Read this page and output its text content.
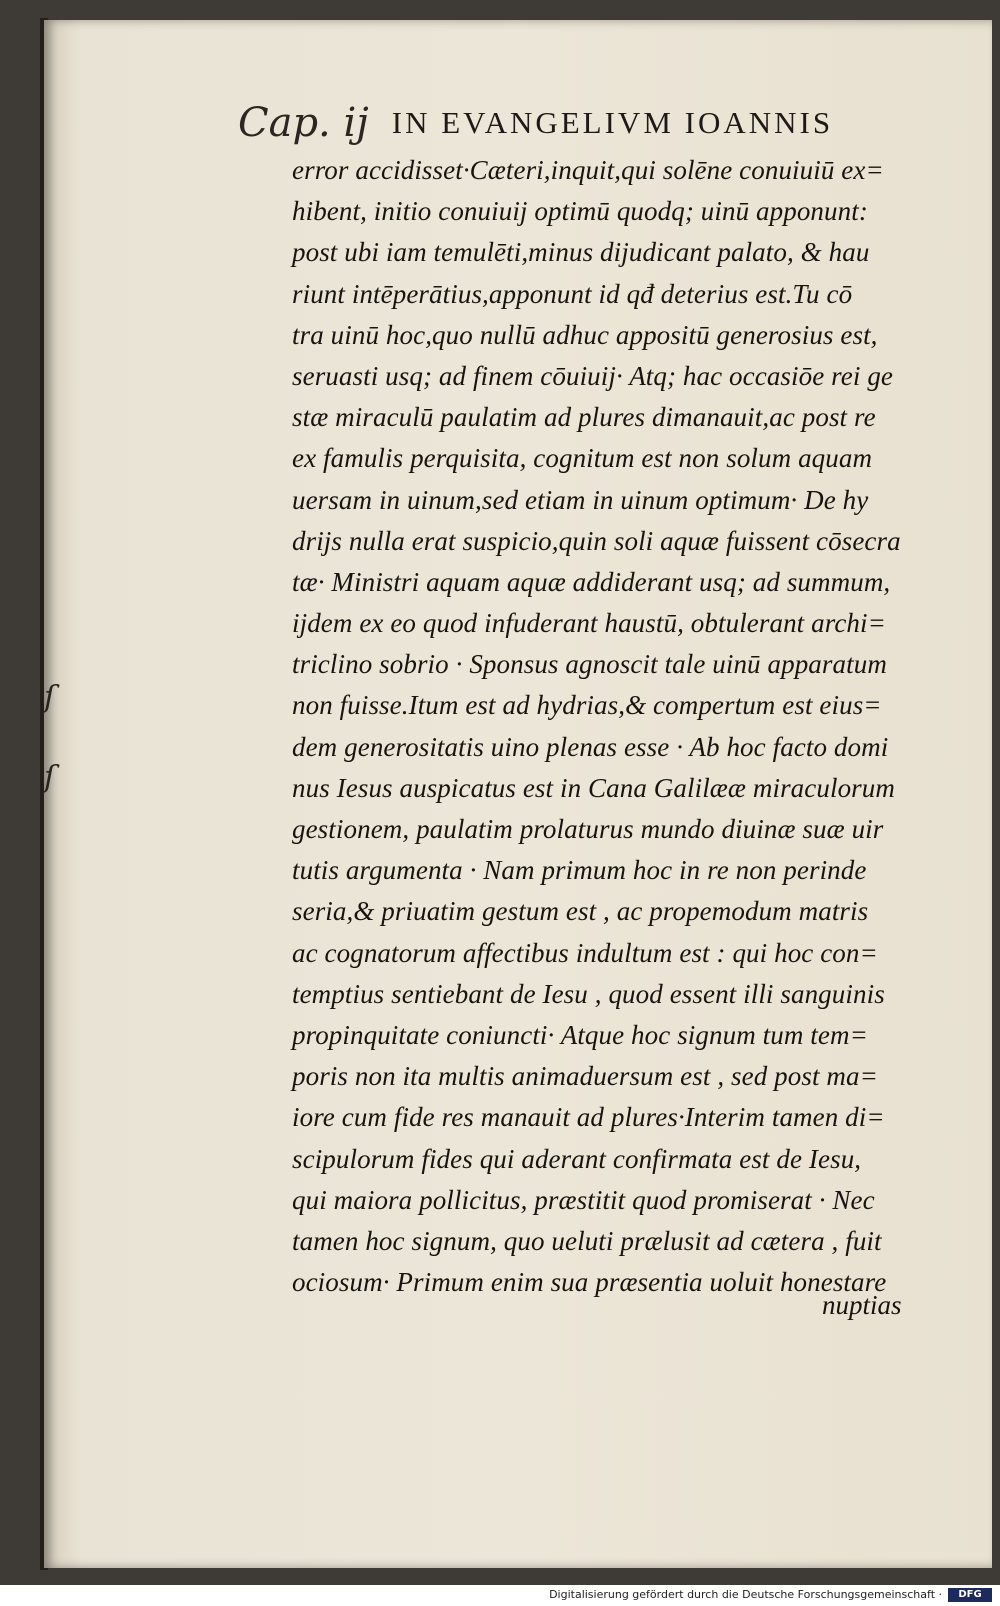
ſ
ſ
Cap. ij IN EVANGELIVM IOANNIS
error accidisset·Cæteri,inquit,qui solēne conuiuiū ex=
hibent, initio conuiuij optimū quodq; uinū apponunt:
post ubi iam temulēti,minus dijudicant palato, & hau
riunt intēperātius,apponunt id qđ deterius est.Tu cō
tra uinū hoc,quo nullū adhuc appositū generosius est,
seruasti usq; ad finem cōuiuij· Atq; hac occasiōe rei ge
stæ miraculū paulatim ad plures dimanauit,ac post re
ex famulis perquisita, cognitum est non solum aquam
uersam in uinum,sed etiam in uinum optimum· De hy
drijs nulla erat suspicio,quin soli aquæ fuissent cōsecra
tæ· Ministri aquam aquæ addiderant usq; ad summum,
ijdem ex eo quod infuderant haustū, obtulerant archi=
triclino sobrio · Sponsus agnoscit tale uinū apparatum
non fuisse.Itum est ad hydrias,& compertum est eius=
dem generositatis uino plenas esse · Ab hoc facto domi
nus Iesus auspicatus est in Cana Galilææ miraculorum
gestionem, paulatim prolaturus mundo diuinæ suæ uir
tutis argumenta · Nam primum hoc in re non perinde
seria,& priuatim gestum est , ac propemodum matris
ac cognatorum affectibus indultum est : qui hoc con=
temptius sentiebant de Iesu , quod essent illi sanguinis
propinquitate coniuncti· Atque hoc signum tum tem=
poris non ita multis animaduersum est , sed post ma=
iore cum fide res manauit ad plures·Interim tamen di=
scipulorum fides qui aderant confirmata est de Iesu,
qui maiora pollicitus, præstitit quod promiserat · Nec
tamen hoc signum, quo ueluti prælusit ad cætera , fuit
ociosum· Primum enim sua præsentia uoluit honestare
nuptias
Digitalisierung gefördert durch die Deutsche Forschungsgemeinschaft ·	DFG
